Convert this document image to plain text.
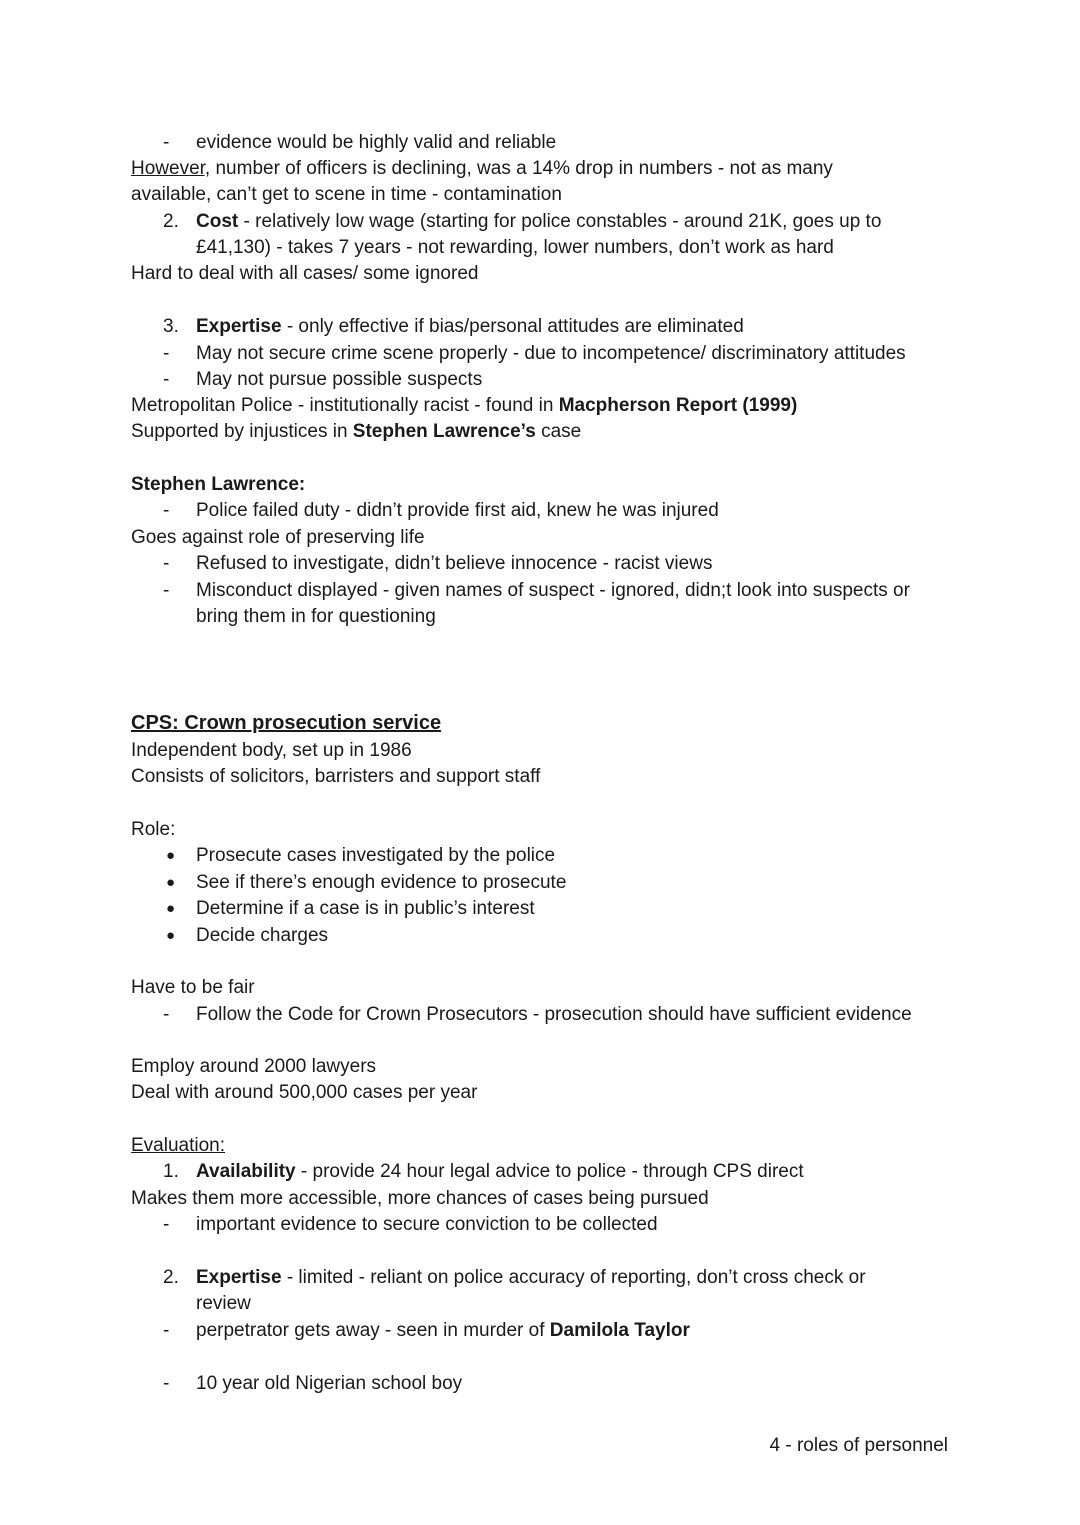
- evidence would be highly valid and reliable
However, number of officers is declining, was a 14% drop in numbers - not as many
available, can’t get to scene in time - contamination
2. Cost - relatively low wage (starting for police constables - around 21K, goes up to
£41,130) - takes 7 years - not rewarding, lower numbers, don’t work as hard
Hard to deal with all cases/ some ignored
3. Expertise - only effective if bias/personal attitudes are eliminated
- May not secure crime scene properly - due to incompetence/ discriminatory attitudes
- May not pursue possible suspects
Metropolitan Police - institutionally racist - found in Macpherson Report (1999)
Supported by injustices in Stephen Lawrence’s case
Stephen Lawrence:
- Police failed duty - didn’t provide first aid, knew he was injured
Goes against role of preserving life
- Refused to investigate, didn’t believe innocence - racist views
- Misconduct displayed - given names of suspect - ignored, didn;t look into suspects or
bring them in for questioning
CPS: Crown prosecution service
Independent body, set up in 1986
Consists of solicitors, barristers and support staff
Role:
● Prosecute cases investigated by the police
● See if there’s enough evidence to prosecute
● Determine if a case is in public’s interest
● Decide charges
Have to be fair
- Follow the Code for Crown Prosecutors - prosecution should have sufficient evidence
Employ around 2000 lawyers
Deal with around 500,000 cases per year
Evaluation:
1. Availability - provide 24 hour legal advice to police - through CPS direct
Makes them more accessible, more chances of cases being pursued
- important evidence to secure conviction to be collected
2. Expertise - limited - reliant on police accuracy of reporting, don’t cross check or
review
- perpetrator gets away - seen in murder of Damilola Taylor
- 10 year old Nigerian school boy
4 - roles of personnel
